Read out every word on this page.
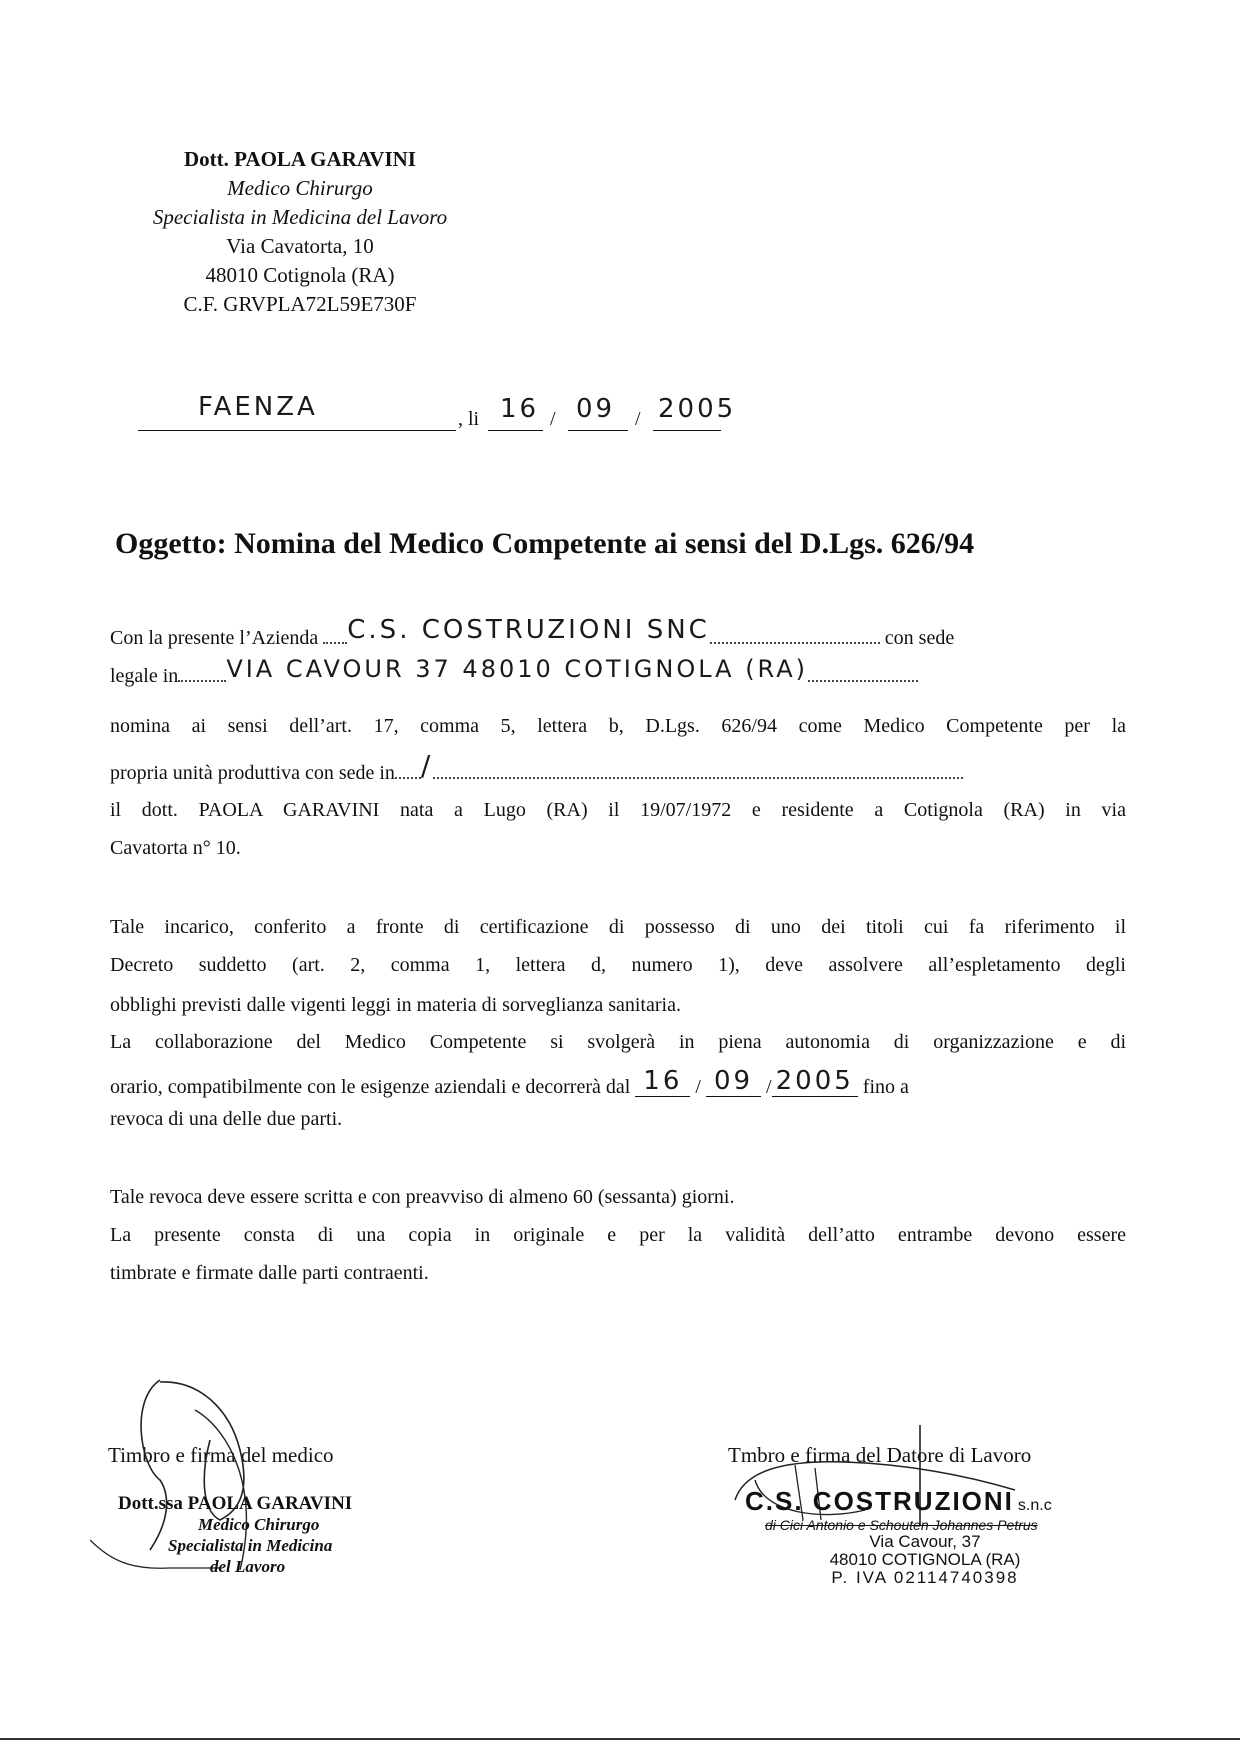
Dott. PAOLA GARAVINI
Medico Chirurgo
Specialista in Medicina del Lavoro
Via Cavatorta, 10
48010 Cotignola (RA)
C.F. GRVPLA72L59E730F
FAENZA	, li 16 / 09 / 2005
Oggetto: Nomina del Medico Competente ai sensi del D.Lgs. 626/94
Con la presente l’Azienda C.S. COSTRUZIONI SNC	con sede
legale in VIA CAVOUR 37 48010 COTIGNOLA (RA)
nomina ai sensi dell’art. 17, comma 5, lettera b, D.Lgs. 626/94 come Medico Competente per la
propria unità produttiva con sede in /
il dott. PAOLA GARAVINI nata a Lugo (RA) il 19/07/1972 e residente a Cotignola (RA) in via
Cavatorta n° 10.
Tale incarico, conferito a fronte di certificazione di possesso di uno dei titoli cui fa riferimento il
Decreto suddetto (art. 2, comma 1, lettera d, numero 1), deve assolvere all’espletamento degli
obblighi previsti dalle vigenti leggi in materia di sorveglianza sanitaria.
La collaborazione del Medico Competente si svolgerà in piena autonomia di organizzazione e di
orario, compatibilmente con le esigenze aziendali e decorrerà dal 16 / 09 / 2005 fino a
revoca di una delle due parti.
Tale revoca deve essere scritta e con preavviso di almeno 60 (sessanta) giorni.
La presente consta di una copia in originale e per la validità dell’atto entrambe devono essere
timbrate e firmate dalle parti contraenti.
Timbro e firma del medico	Tmbro e firma del Datore di Lavoro
Dott.ssa PAOLA GARAVINI
Medico Chirurgo
Specialista in Medicina
del Lavoro
C.S. COSTRUZIONI s.n.c
di Cici Antonio e Schouten Johannes Petrus
Via Cavour, 37
48010 COTIGNOLA (RA)
P. IVA 02114740398
